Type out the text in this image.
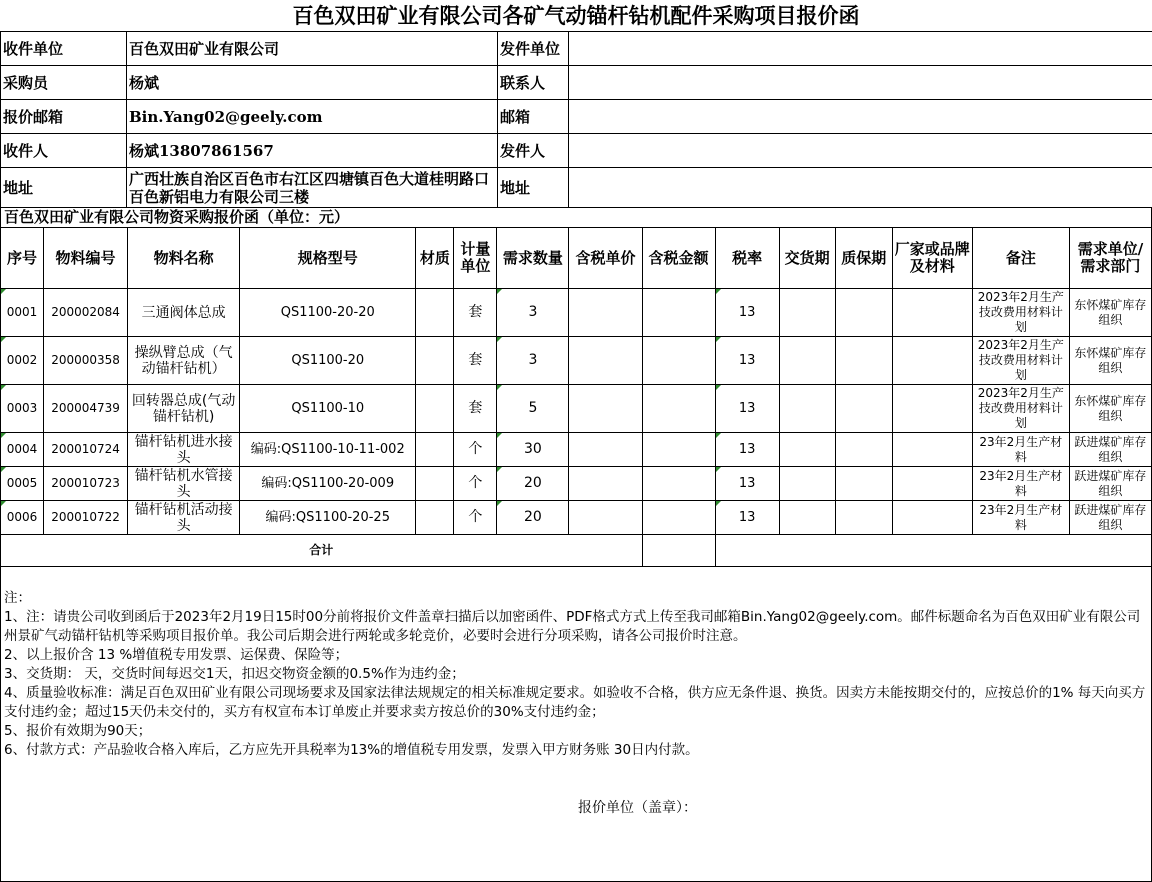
百色双田矿业有限公司各矿气动锚杆钻机配件采购项目报价函
收件单位	百色双田矿业有限公司	发件单位	
采购员	杨斌	联系人	
报价邮箱	Bin.Yang02@geely.com	邮箱	
收件人	杨斌13807861567	发件人	
地址	广西壮族自治区百色市右江区四塘镇百色大道桂明路口百色新铝电力有限公司三楼	地址	
百色双田矿业有限公司物资采购报价函（单位：元）
序号	物料编号	物料名称	规格型号	材质	计量单位	需求数量	含税单价	含税金额	税率	交货期	质保期	厂家或品牌及材料	备注	需求单位/需求部门
0001	200002084	三通阀体总成	QS1100-20-20		套	3			13				2023年2月生产技改费用材料计划	东怀煤矿库存组织
0002	200000358	操纵臂总成（气动锚杆钻机）	QS1100-20		套	3			13				2023年2月生产技改费用材料计划	东怀煤矿库存组织
0003	200004739	回转器总成(气动锚杆钻机)	QS1100-10		套	5			13				2023年2月生产技改费用材料计划	东怀煤矿库存组织
0004	200010724	锚杆钻机进水接头	编码:QS1100-10-11-002		个	30			13				23年2月生产材料	跃进煤矿库存组织
0005	200010723	锚杆钻机水管接头	编码:QS1100-20-009		个	20			13				23年2月生产材料	跃进煤矿库存组织
0006	200010722	锚杆钻机活动接头	编码:QS1100-20-25		个	20			13				23年2月生产材料	跃进煤矿库存组织
合计														

注：

1、注：请贵公司收到函后于2023年2月19日15时00分前将报价文件盖章扫描后以加密函件、PDF格式方式上传至我司邮箱Bin.Yang02@geely.com。邮件标题命名为百色双田矿业有限公司州景矿气动锚杆钻机等采购项目报价单。我公司后期会进行两轮或多轮竞价，必要时会进行分项采购，请各公司报价时注意。

2、以上报价含 13 %增值税专用发票、运保费、保险等；

3、交货期： 天，交货时间每迟交1天，扣迟交物资金额的0.5%作为违约金；

4、质量验收标准：满足百色双田矿业有限公司现场要求及国家法律法规规定的相关标准规定要求。如验收不合格，供方应无条件退、换货。因卖方未能按期交付的，应按总价的1% 每天向买方支付违约金；超过15天仍未交付的，买方有权宣布本订单废止并要求卖方按总价的30%支付违约金；

5、报价有效期为90天；

6、付款方式：产品验收合格入库后，乙方应先开具税率为13%的增值税专用发票，发票入甲方财务账 30日内付款。

报价单位（盖章）：
